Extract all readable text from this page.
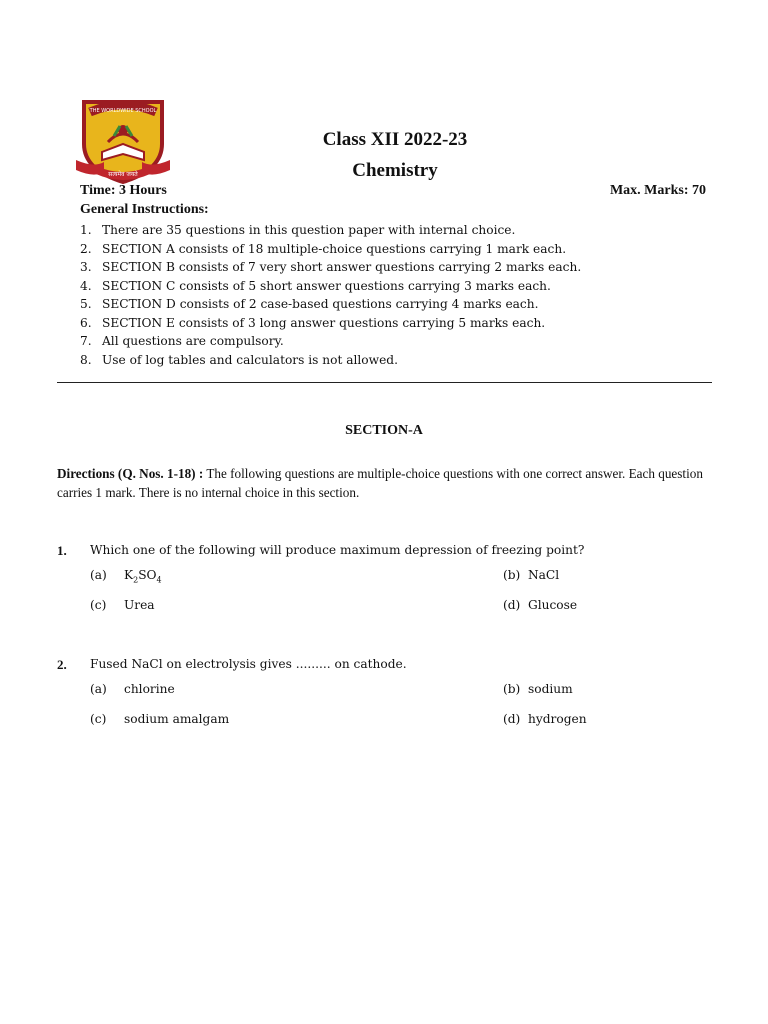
THE WORLDWIDE SCHOOL
सत्यमेव जयते
Class XII 2022-23
Chemistry
Time: 3 Hours	Max. Marks: 70
General Instructions:
1. There are 35 questions in this question paper with internal choice.
2. SECTION A consists of 18 multiple-choice questions carrying 1 mark each.
3. SECTION B consists of 7 very short answer questions carrying 2 marks each.
4. SECTION C consists of 5 short answer questions carrying 3 marks each.
5. SECTION D consists of 2 case-based questions carrying 4 marks each.
6. SECTION E consists of 3 long answer questions carrying 5 marks each.
7. All questions are compulsory.
8. Use of log tables and calculators is not allowed.
SECTION-A
Directions (Q. Nos. 1-18) : The following questions are multiple-choice questions with one correct answer. Each question carries 1 mark. There is no internal choice in this section.
1. Which one of the following will produce maximum depression of freezing point?
(a) $K_2SO_4$	(b) NaCl
(c) Urea	(d) Glucose
2. Fused NaCl on electrolysis gives ......... on cathode.
(a) chlorine	(b) sodium
(c) sodium amalgam	(d) hydrogen
